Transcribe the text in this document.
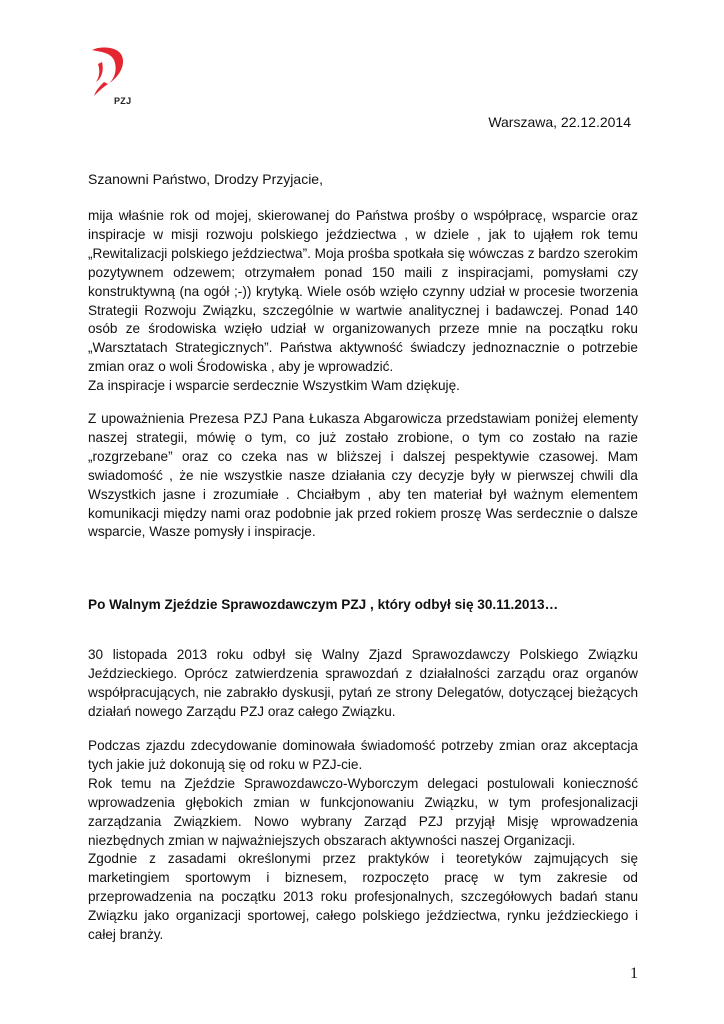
PZJ
Warszawa, 22.12.2014
Szanowni Państwo, Drodzy Przyjacie,

mija właśnie rok od mojej, skierowanej do Państwa prośby o współpracę, wsparcie oraz inspiracje w misji rozwoju polskiego jeździectwa , w dziele , jak to ująłem rok temu „Rewitalizacji polskiego jeździectwa”. Moja prośba spotkała się wówczas z bardzo szerokim pozytywnem odzewem; otrzymałem ponad 150 maili z inspiracjami, pomysłami czy konstruktywną (na ogół ;-)) krytyką. Wiele osób wzięło czynny udział w procesie tworzenia Strategii Rozwoju Związku, szczególnie w wartwie analitycznej i badawczej. Ponad 140 osób ze środowiska wzięło udział w organizowanych przeze mnie na początku roku „Warsztatach Strategicznych”. Państwa aktywność świadczy jednoznacznie o potrzebie zmian oraz o woli Środowiska , aby je wprowadzić.

Za inspiracje i wsparcie serdecznie Wszystkim Wam dziękuję.

Z upoważnienia Prezesa PZJ Pana Łukasza Abgarowicza przedstawiam poniżej elementy naszej strategii, mówię o tym, co już zostało zrobione, o tym co zostało na razie „rozgrzebane” oraz co czeka nas w bliższej i dalszej pespektywie czasowej. Mam swiadomość , że nie wszystkie nasze działania czy decyzje były w pierwszej chwili dla Wszystkich jasne i zrozumiałe . Chciałbym , aby ten materiał był ważnym elementem komunikacji między nami oraz podobnie jak przed rokiem proszę Was serdecznie o dalsze wsparcie, Wasze pomysły i inspiracje.

Po Walnym Zjeździe Sprawozdawczym PZJ , który odbył się 30.11.2013…

30 listopada 2013 roku odbył się Walny Zjazd Sprawozdawczy Polskiego Związku Jeździeckiego. Oprócz zatwierdzenia sprawozdań z działalności zarządu oraz organów współpracujących, nie zabrakło dyskusji, pytań ze strony Delegatów, dotyczącej bieżących działań nowego Zarządu PZJ oraz całego Związku.

Podczas zjazdu zdecydowanie dominowała świadomość potrzeby zmian oraz akceptacja tych jakie już dokonują się od roku w PZJ-cie.

Rok temu na Zjeździe Sprawozdawczo-Wyborczym delegaci postulowali konieczność wprowadzenia głębokich zmian w funkcjonowaniu Związku, w tym profesjonalizacji zarządzania Związkiem. Nowo wybrany Zarząd PZJ przyjął Misję wprowadzenia niezbędnych zmian w najważniejszych obszarach aktywności naszej Organizacji.

Zgodnie z zasadami określonymi przez praktyków i teoretyków zajmujących się marketingiem sportowym i biznesem, rozpoczęto pracę w tym zakresie od przeprowadzenia na początku 2013 roku profesjonalnych, szczegółowych badań stanu Związku jako organizacji sportowej, całego polskiego jeździectwa, rynku jeździeckiego i całej branży.

1
